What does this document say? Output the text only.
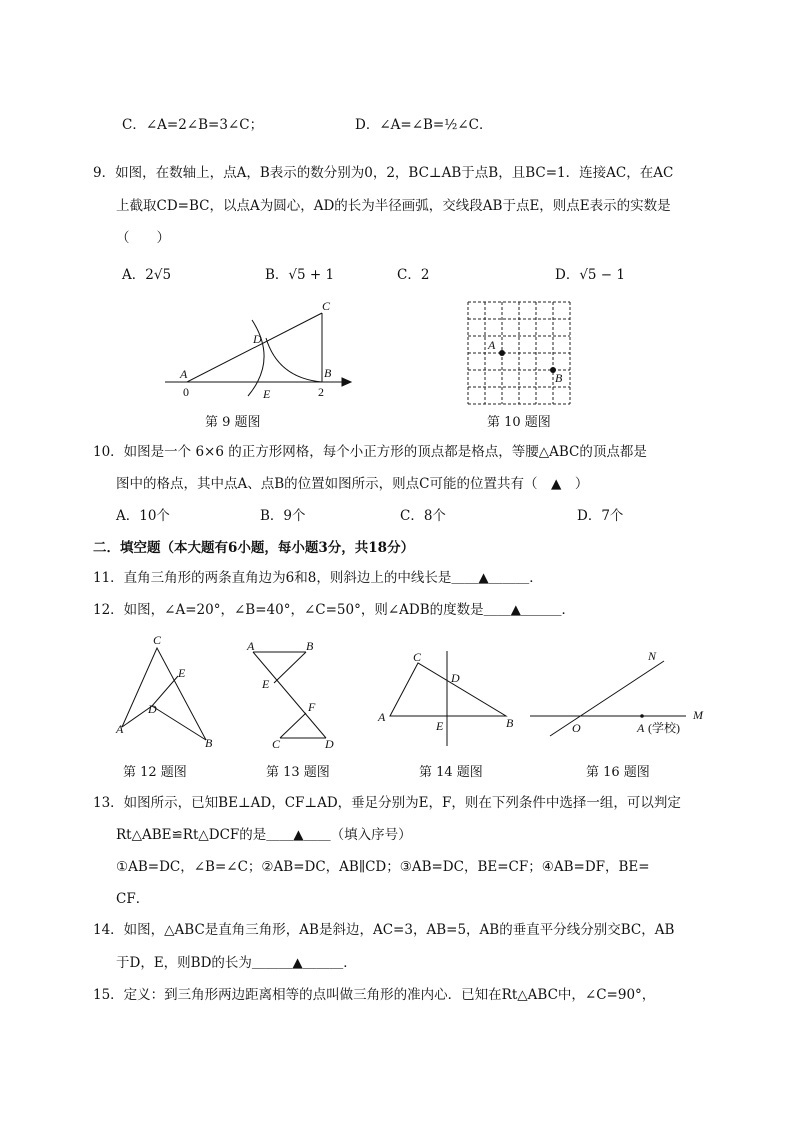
C．∠A=2∠B=3∠C；	D．∠A=∠B=½∠C．
9．如图，在数轴上，点A，B表示的数分别为0，2，BC⊥AB于点B，且BC=1．连接AC，在AC
上截取CD=BC，以点A为圆心，AD的长为半径画弧，交线段AB于点E，则点E表示的实数是
（　　）
A．2√5	B．√5 + 1	C．2	D．√5 − 1
A
0
C
D
B
2
E
A
B
C
E
D
A
B
A	B
E
F
C	D
C
D
A
E	B
N
M
O	A (学校)
第 9 题图	第 10 题图
10．如图是一个 6×6 的正方形网格，每个小正方形的顶点都是格点，等腰△ABC的顶点都是
图中的格点，其中点A、点B的位置如图所示，则点C可能的位置共有（　▲　）
A．10个	B．9个	C．8个	D．7个
二．填空题（本大题有6小题，每小题3分，共18分）
11．直角三角形的两条直角边为6和8，则斜边上的中线长是＿＿▲＿＿＿．
12．如图，∠A=20°，∠B=40°，∠C=50°，则∠ADB的度数是＿＿▲＿＿＿．
第 12 题图	第 13 题图	第 14 题图	第 16 题图
13．如图所示，已知BE⊥AD，CF⊥AD，垂足分别为E，F，则在下列条件中选择一组，可以判定
Rt△ABE≌Rt△DCF的是＿＿▲＿＿（填入序号）
①AB=DC，∠B=∠C；②AB=DC，AB∥CD；③AB=DC，BE=CF；④AB=DF，BE=
CF．
14．如图，△ABC是直角三角形，AB是斜边，AC=3，AB=5，AB的垂直平分线分别交BC，AB
于D，E，则BD的长为＿＿＿▲＿＿＿．
15．定义：到三角形两边距离相等的点叫做三角形的准内心．已知在Rt△ABC中，∠C=90°，
